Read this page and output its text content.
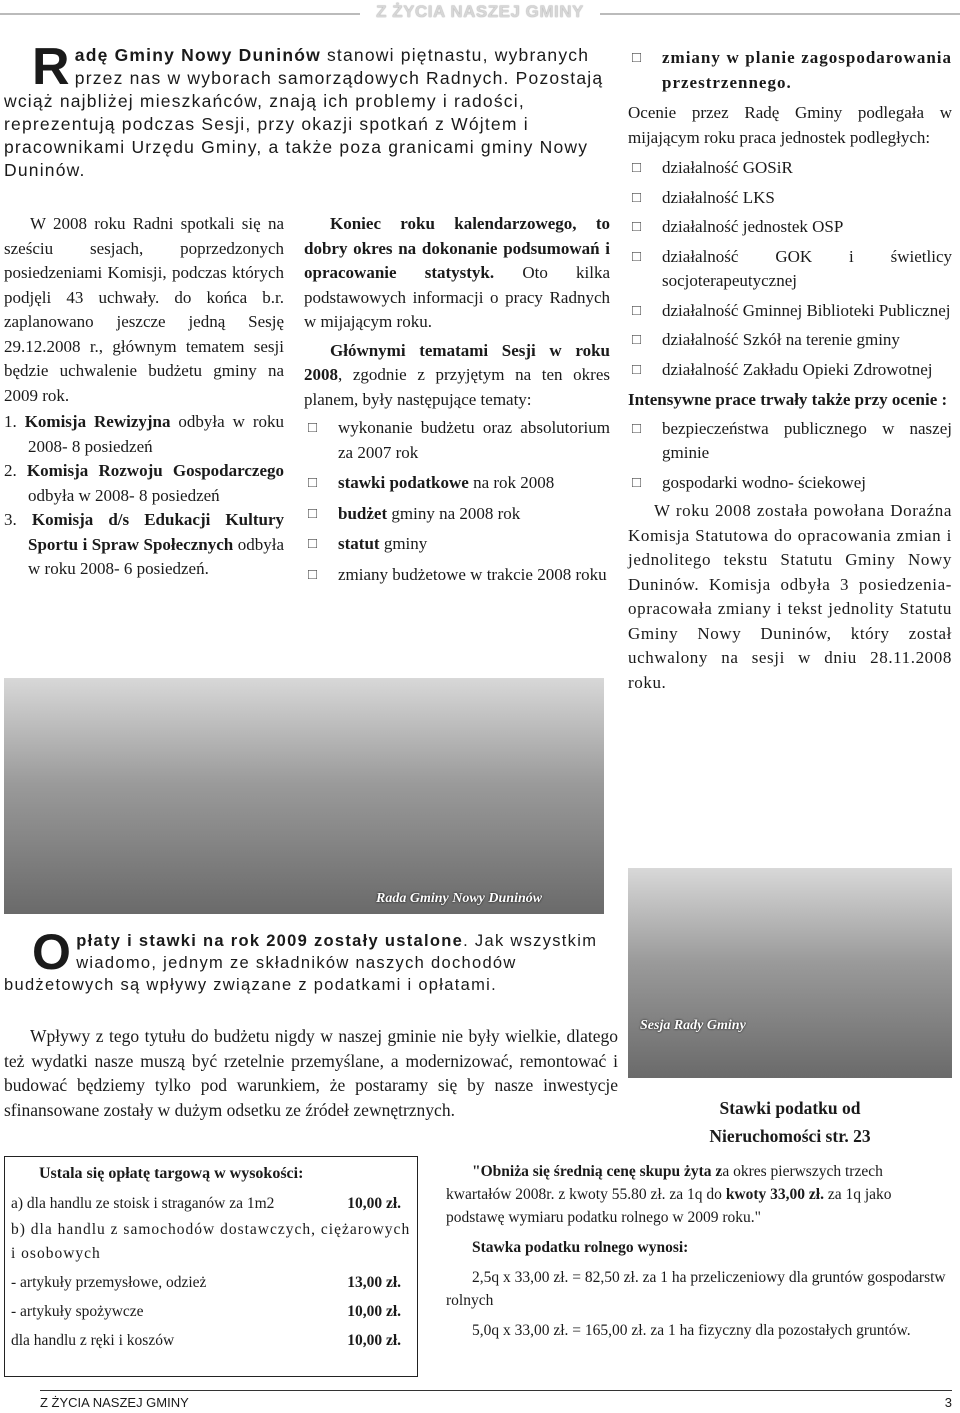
Z ŻYCIA NASZEJ GMINY
Radę Gminy Nowy Duninów stanowi piętnastu, wybranych przez nas w wyborach samorządowych Radnych. Pozostają wciąż najbliżej mieszkańców, znają ich problemy i radości, reprezentują podczas Sesji, przy okazji spotkań z Wójtem i pracownikami Urzędu Gminy, a także poza granicami gminy Nowy Duninów.

W 2008 roku Radni spotkali się na sześciu sesjach, poprzedzonych posiedzeniami Komisji, podczas których podjęli 43 uchwały. do końca b.r. zaplanowano jeszcze jedną Sesję 29.12.2008 r., głównym tematem sesji będzie uchwalenie budżetu gminy na 2009 rok.

1. Komisja Rewizyjna odbyła w roku 2008- 8 posiedzeń
2. Komisja Rozwoju Gospodarczego odbyła w 2008- 8 posiedzeń
3. Komisja d/s Edukacji Kultury Sportu i Spraw Społecznych odbyła w roku 2008- 6 posiedzeń.

Koniec roku kalendarzowego, to dobry okres na dokonanie podsumowań i opracowanie statystyk. Oto kilka podstawowych informacji o pracy Radnych w mijającym roku.

Głównymi tematami Sesji w roku 2008, zgodnie z przyjętym na ten okres planem, były następujące tematy:

□ wykonanie budżetu oraz absolutorium za 2007 rok
□ stawki podatkowe na rok 2008
□ budżet gminy na 2008 rok
□ statut gminy
□ zmiany budżetowe w trakcie 2008 roku
□ zmiany w planie zagospodarowania przestrzennego.

Ocenie przez Radę Gminy podlegała w mijającym roku praca jednostek podległych:

□ działalność GOSiR
□ działalność LKS
□ działalność jednostek OSP
□ działalność GOK i świetlicy socjoterapeutycznej
□ działalność Gminnej Biblioteki Publicznej
□ działalność Szkół na terenie gminy
□ działalność Zakładu Opieki Zdrowotnej

Intensywne prace trwały także przy ocenie :

□ bezpieczeństwa publicznego w naszej gminie
□ gospodarki wodno- ściekowej

W roku 2008 została powołana Doraźna Komisja Statutowa do opracowania zmian i jednolitego tekstu Statutu Gminy Nowy Duninów. Komisja odbyła 3 posiedzenia- opracowała zmiany i tekst jednolity Statutu Gminy Nowy Duninów, który został uchwalony na sesji w dniu 28.11.2008 roku.

Rada Gminy Nowy Duninów
Sesja Rady Gminy
Opłaty i stawki na rok 2009 zostały ustalone. Jak wszystkim wiadomo, jednym ze składników naszych dochodów budżetowych są wpływy związane z podatkami i opłatami.

Wpływy z tego tytułu do budżetu nigdy w naszej gminie nie były wielkie, dlatego też wydatki nasze muszą być rzetelnie przemyślane, a modernizować, remontować i budować będziemy tylko pod warunkiem, że postaramy się by nasze inwestycje sfinansowane zostały w dużym odsetku ze źródeł zewnętrznych.	Stawki podatku od
Nieruchomości str. 23
Ustala się opłatę targową w wysokości:
a) dla handlu ze stoisk i straganów za 1m2	10,00 zł.
b) dla handlu z samochodów dostawczych, ciężarowych i osobowych
- artykuły przemysłowe, odzież	13,00 zł.
- artykuły spożywcze	10,00 zł.
dla handlu z ręki i koszów	10,00 zł.

"Obniża się średnią cenę skupu żyta za okres pierwszych trzech kwartałów 2008r. z kwoty 55.80 zł. za 1q do kwoty 33,00 zł. za 1q jako podstawę wymiaru podatku rolnego w 2009 roku."

Stawka podatku rolnego wynosi:

2,5q x 33,00 zł. = 82,50 zł. za 1 ha przeliczeniowy dla gruntów gospodarstw rolnych

5,0q x 33,00 zł. = 165,00 zł. za 1 ha fizyczny dla pozostałych gruntów.

Z ŻYCIA NASZEJ GMINY	3
